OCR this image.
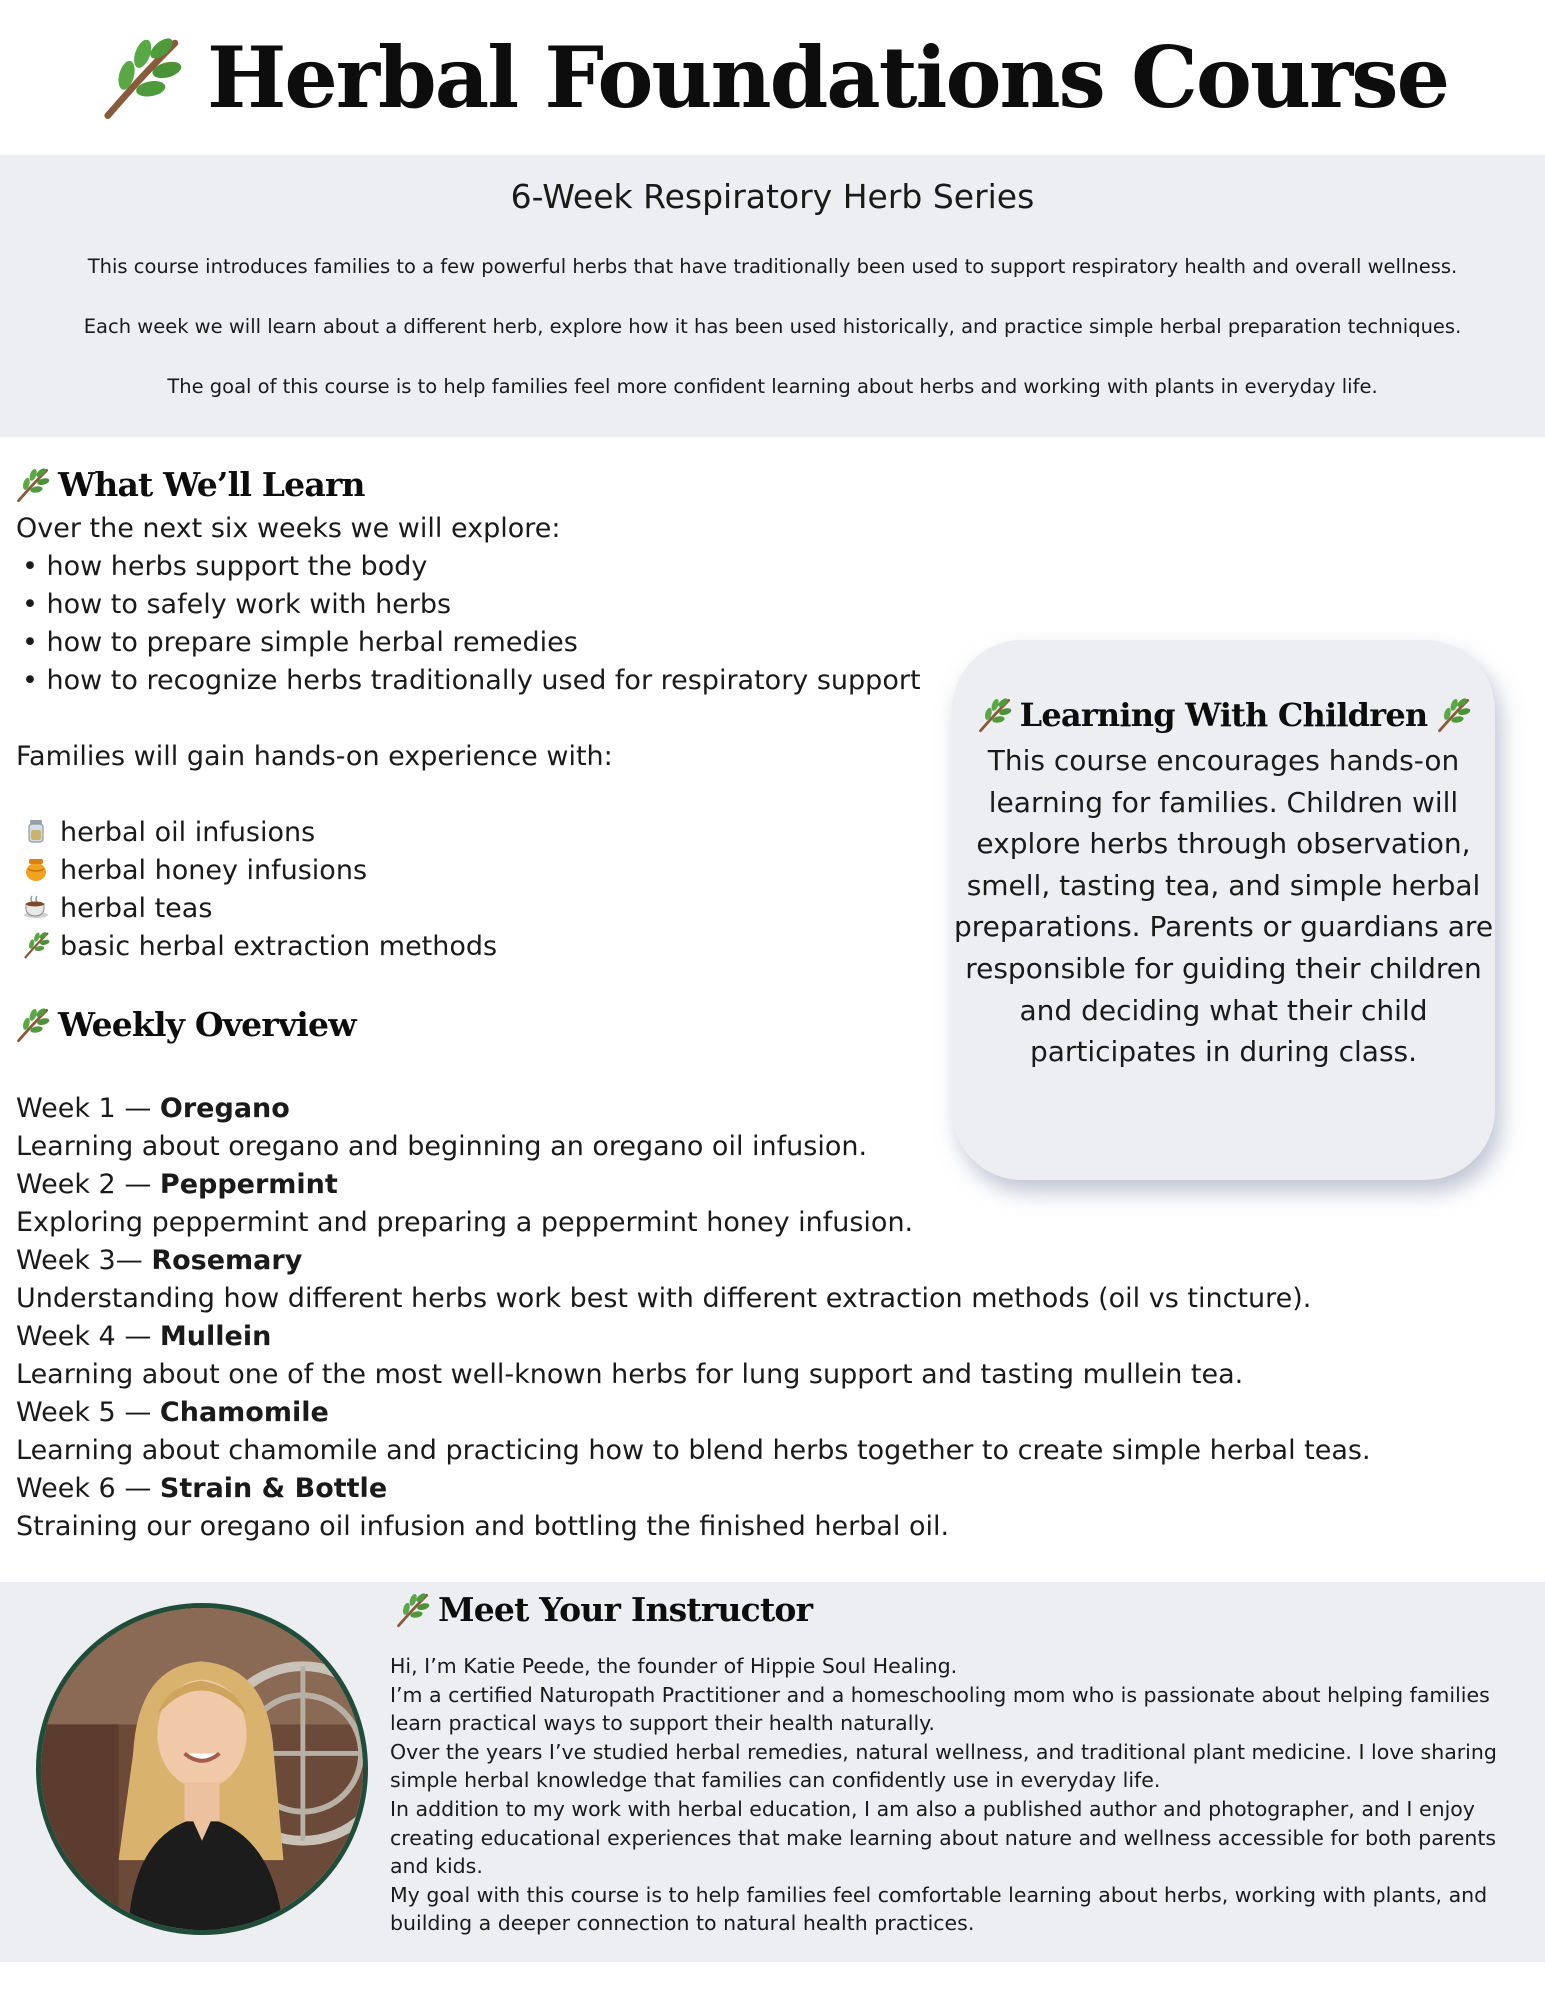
Herbal Foundations Course
6-Week Respiratory Herb Series
This course introduces families to a few powerful herbs that have traditionally been used to support respiratory health and overall wellness.
Each week we will learn about a different herb, explore how it has been used historically, and practice simple herbal preparation techniques.
The goal of this course is to help families feel more confident learning about herbs and working with plants in everyday life.
What We’ll Learn
Over the next six weeks we will explore:
• how herbs support the body
• how to safely work with herbs
• how to prepare simple herbal remedies
• how to recognize herbs traditionally used for respiratory support
Families will gain hands-on experience with:
herbal oil infusions
herbal honey infusions
herbal teas
basic herbal extraction methods
Weekly Overview
Week 1 — Oregano
Learning about oregano and beginning an oregano oil infusion.
Week 2 — Peppermint
Exploring peppermint and preparing a peppermint honey infusion.
Week 3— Rosemary
Understanding how different herbs work best with different extraction methods (oil vs tincture).
Week 4 — Mullein
Learning about one of the most well-known herbs for lung support and tasting mullein tea.
Week 5 — Chamomile
Learning about chamomile and practicing how to blend herbs together to create simple herbal teas.
Week 6 — Strain & Bottle
Straining our oregano oil infusion and bottling the finished herbal oil.
Learning With Children
This course encourages hands-on learning for families. Children will explore herbs through observation, smell, tasting tea, and simple herbal preparations. Parents or guardians are responsible for guiding their children and deciding what their child participates in during class.
Meet Your Instructor

Hi, I’m Katie Peede, the founder of Hippie Soul Healing.

I’m a certified Naturopath Practitioner and a homeschooling mom who is passionate about helping families learn practical ways to support their health naturally.

Over the years I’ve studied herbal remedies, natural wellness, and traditional plant medicine. I love sharing simple herbal knowledge that families can confidently use in everyday life.

In addition to my work with herbal education, I am also a published author and photographer, and I enjoy creating educational experiences that make learning about nature and wellness accessible for both parents and kids.

My goal with this course is to help families feel comfortable learning about herbs, working with plants, and building a deeper connection to natural health practices.
